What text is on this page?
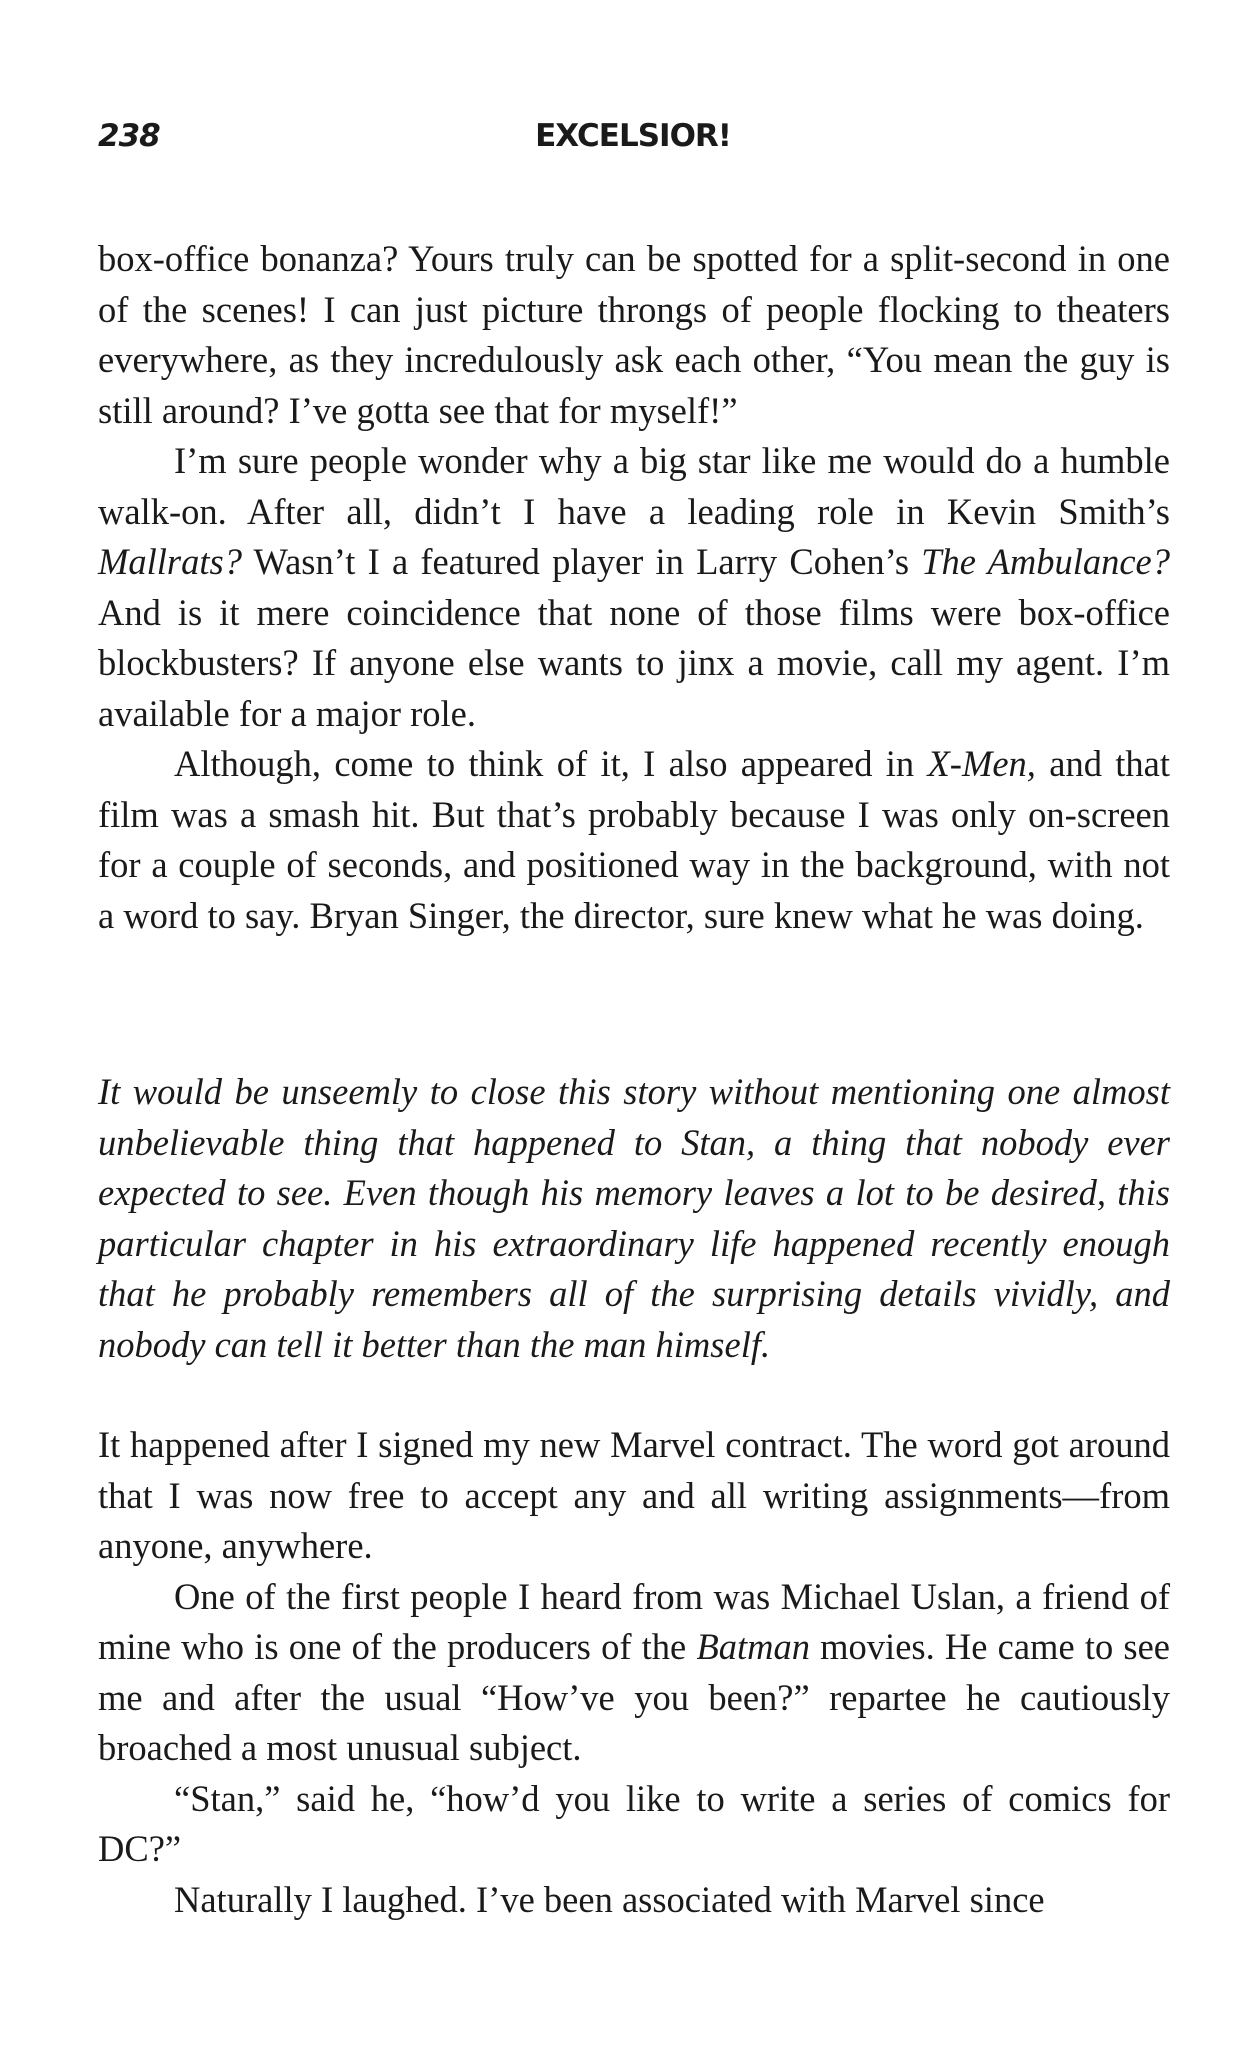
238	EXCELSIOR!

box-office bonanza? Yours truly can be spotted for a split-second in one of the scenes! I can just picture throngs of people flocking to theaters everywhere, as they incredulously ask each other, “You mean the guy is still around? I’ve gotta see that for myself!”

I’m sure people wonder why a big star like me would do a humble walk-on. After all, didn’t I have a leading role in Kevin Smith’s Mallrats? Wasn’t I a featured player in Larry Cohen’s The Ambulance? And is it mere coincidence that none of those films were box-office blockbusters? If anyone else wants to jinx a movie, call my agent. I’m available for a major role.

Although, come to think of it, I also appeared in X-Men, and that film was a smash hit. But that’s probably because I was only on-screen for a couple of seconds, and positioned way in the background, with not a word to say. Bryan Singer, the director, sure knew what he was doing.

It would be unseemly to close this story without mentioning one almost unbelievable thing that happened to Stan, a thing that nobody ever expected to see. Even though his memory leaves a lot to be desired, this particular chapter in his extraordinary life happened recently enough that he probably remembers all of the surprising details vividly, and nobody can tell it better than the man himself.

It happened after I signed my new Marvel contract. The word got around that I was now free to accept any and all writing assignments—from anyone, anywhere.

One of the first people I heard from was Michael Uslan, a friend of mine who is one of the producers of the Batman movies. He came to see me and after the usual “How’ve you been?” repartee he cautiously broached a most unusual subject.

“Stan,” said he, “how’d you like to write a series of comics for DC?”

Naturally I laughed. I’ve been associated with Marvel since
